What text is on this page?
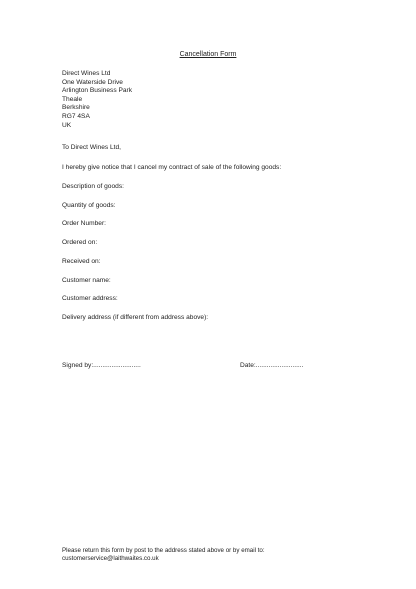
Cancellation Form
Direct Wines Ltd
One Waterside Drive
Arlington Business Park
Theale
Berkshire
RG7 4SA
UK
To Direct Wines Ltd,
I hereby give notice that I cancel my contract of sale of the following goods:
Description of goods:
Quantity of goods:
Order Number:
Ordered on:
Received on:
Customer name:
Customer address:
Delivery address (if different from address above):
Signed by:..........................	Date:..........................
Please return this form by post to the address stated above or by email to:
customerservice@laithwaites.co.uk
